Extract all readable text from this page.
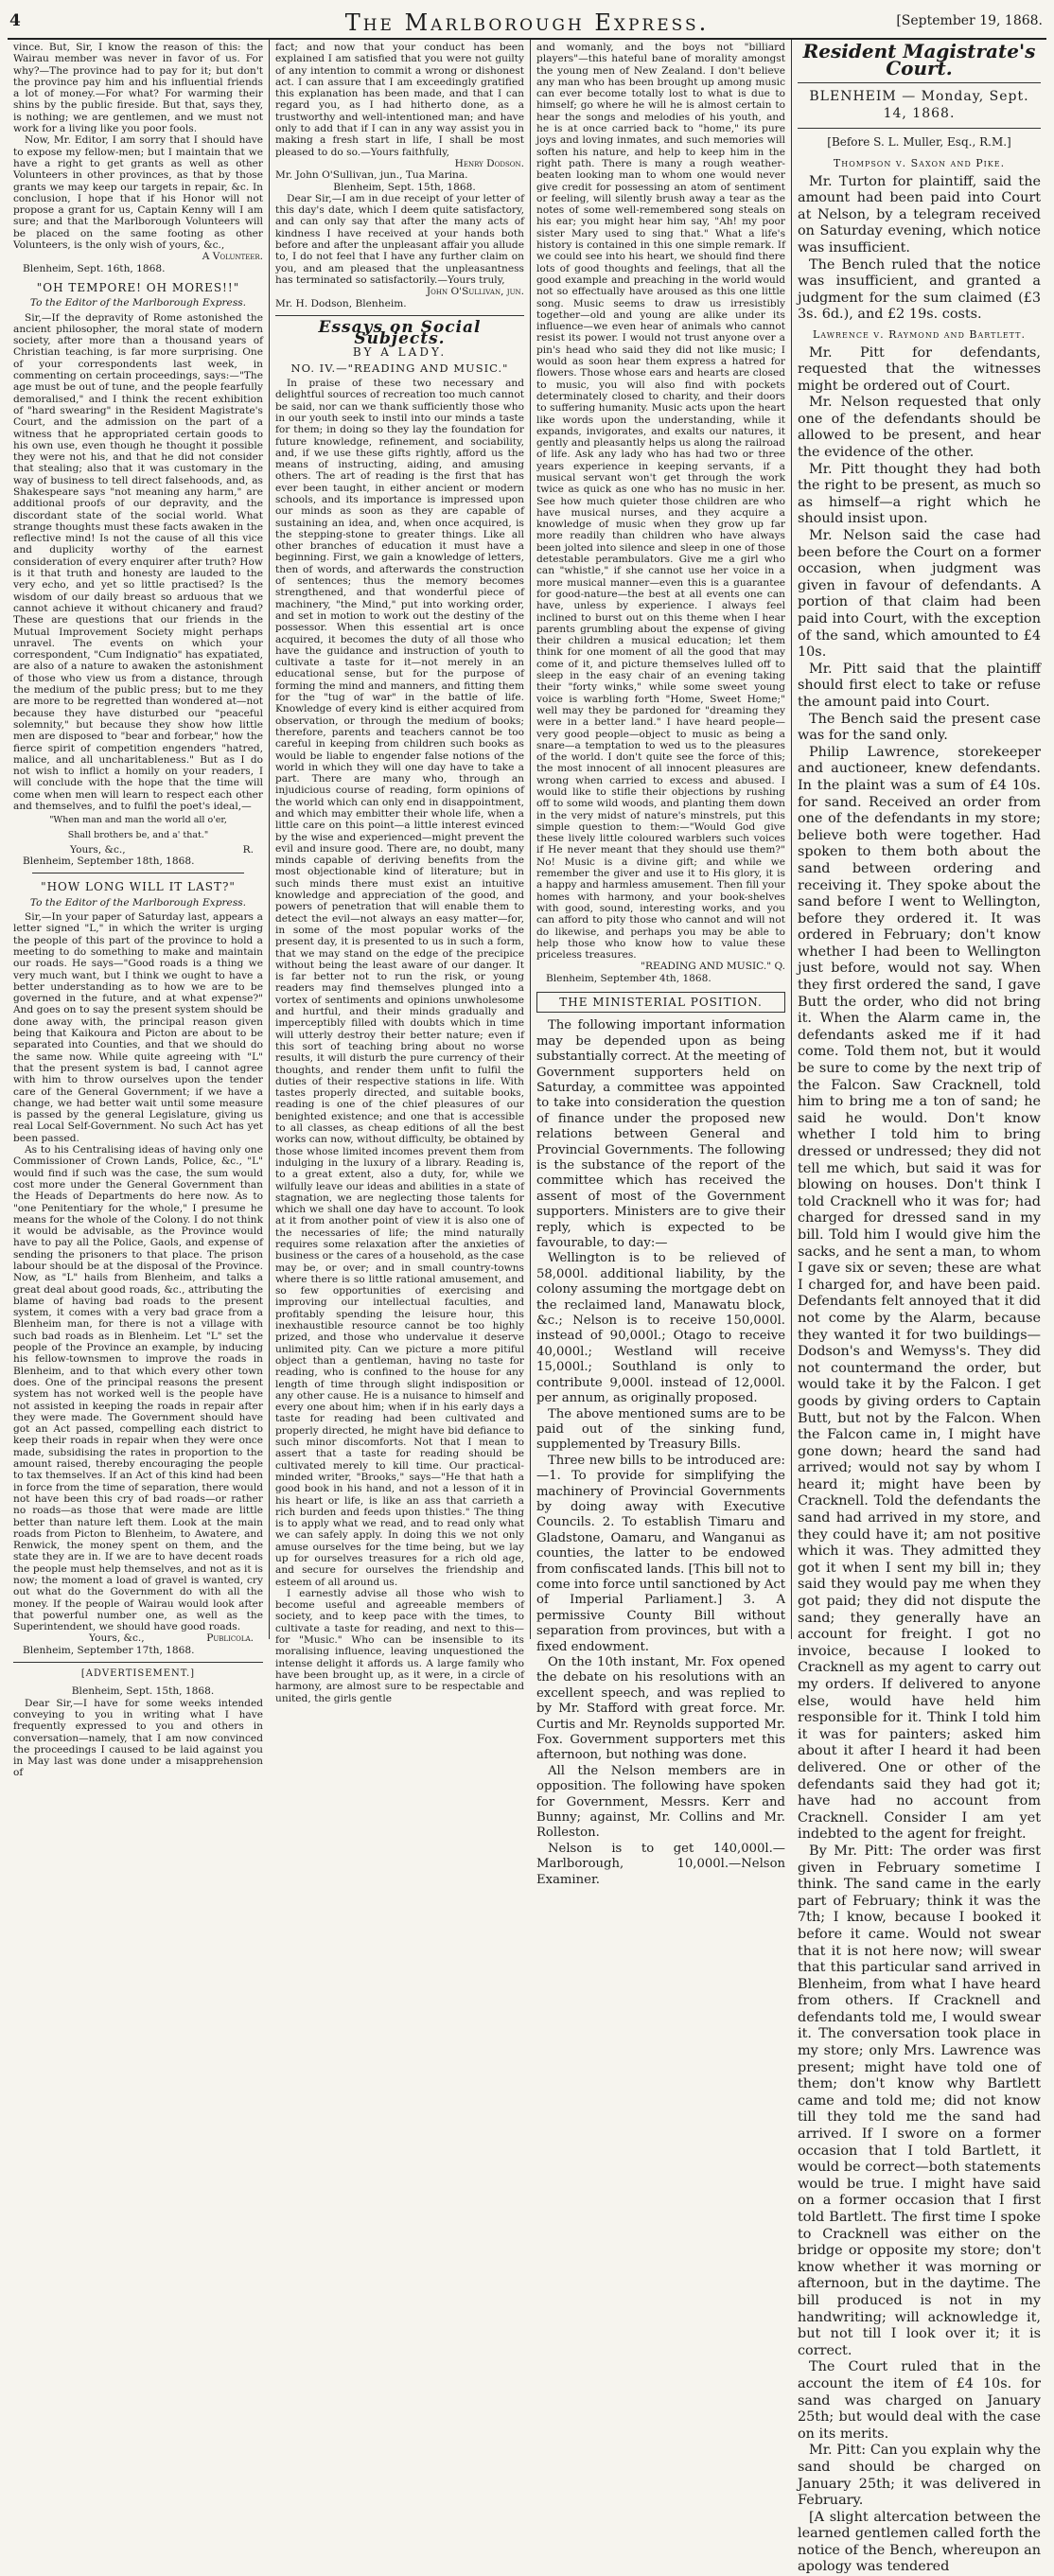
4	The Marlborough Express.	[September 19, 1868.

vince. But, Sir, I know the reason of this: the Wairau member was never in favor of us. For why?—The province had to pay for it; but don't the province pay him and his influential friends a lot of money.—For what? For warming their shins by the public fireside. But that, says they, is nothing; we are gentlemen, and we must not work for a living like you poor fools.

Now, Mr. Editor, I am sorry that I should have to expose my fellow-men; but I maintain that we have a right to get grants as well as other Volunteers in other provinces, as that by those grants we may keep our targets in repair, &c. In conclusion, I hope that if his Honor will not propose a grant for us, Captain Kenny will I am sure; and that the Marlborough Volunteers will be placed on the same footing as other Volunteers, is the only wish of yours, &c.,

A Volunteer.

Blenheim, Sept. 16th, 1868.

"OH TEMPORE! OH MORES!!"
To the Editor of the Marlborough Express.

Sir,—If the depravity of Rome astonished the ancient philosopher, the moral state of modern society, after more than a thousand years of Christian teaching, is far more surprising. One of your correspondents last week, in commenting on certain proceedings, says:—"The age must be out of tune, and the people fearfully demoralised," and I think the recent exhibition of "hard swearing" in the Resident Magistrate's Court, and the admission on the part of a witness that he appropriated certain goods to his own use, even though he thought it possible they were not his, and that he did not consider that stealing; also that it was customary in the way of business to tell direct falsehoods, and, as Shakespeare says "not meaning any harm," are additional proofs of our depravity, and the discordant state of the social world. What strange thoughts must these facts awaken in the reflective mind! Is not the cause of all this vice and duplicity worthy of the earnest consideration of every enquirer after truth? How is it that truth and honesty are lauded to the very echo, and yet so little practised? Is the wisdom of our daily breast so arduous that we cannot achieve it without chicanery and fraud? These are questions that our friends in the Mutual Improvement Society might perhaps unravel. The events on which your correspondent, "Cum Indignatio" has expatiated, are also of a nature to awaken the astonishment of those who view us from a distance, through the medium of the public press; but to me they are more to be regretted than wondered at—not because they have disturbed our "peaceful solemnity," but because they show how little men are disposed to "bear and forbear," how the fierce spirit of competition engenders "hatred, malice, and all uncharitableness." But as I do not wish to inflict a homily on your readers, I will conclude with the hope that the time will come when men will learn to respect each other and themselves, and to fulfil the poet's ideal,—

"When man and man the world all o'er,
Shall brothers be, and a' that."
Yours, &c.,	R.

Blenheim, September 18th, 1868.

"HOW LONG WILL IT LAST?"
To the Editor of the Marlborough Express.

Sir,—In your paper of Saturday last, appears a letter signed "L," in which the writer is urging the people of this part of the province to hold a meeting to do something to make and maintain our roads. He says—"Good roads is a thing we very much want, but I think we ought to have a better understanding as to how we are to be governed in the future, and at what expense?" And goes on to say the present system should be done away with, the principal reason given being that Kaikoura and Picton are about to be separated into Counties, and that we should do the same now. While quite agreeing with "L" that the present system is bad, I cannot agree with him to throw ourselves upon the tender care of the General Government; if we have a change, we had better wait until some measure is passed by the general Legislature, giving us real Local Self-Government. No such Act has yet been passed.

As to his Centralising ideas of having only one Commissioner of Crown Lands, Police, &c., "L" would find if such was the case, the sum would cost more under the General Government than the Heads of Departments do here now. As to "one Penitentiary for the whole," I presume he means for the whole of the Colony. I do not think it would be advisable, as the Province would have to pay all the Police, Gaols, and expense of sending the prisoners to that place. The prison labour should be at the disposal of the Province. Now, as "L" hails from Blenheim, and talks a great deal about good roads, &c., attributing the blame of having bad roads to the present system, it comes with a very bad grace from a Blenheim man, for there is not a village with such bad roads as in Blenheim. Let "L" set the people of the Province an example, by inducing his fellow-townsmen to improve the roads in Blenheim, and to that which every other town does. One of the principal reasons the present system has not worked well is the people have not assisted in keeping the roads in repair after they were made. The Government should have got an Act passed, compelling each district to keep their roads in repair when they were once made, subsidising the rates in proportion to the amount raised, thereby encouraging the people to tax themselves. If an Act of this kind had been in force from the time of separation, there would not have been this cry of bad roads—or rather no roads—as those that were made are little better than nature left them. Look at the main roads from Picton to Blenheim, to Awatere, and Renwick, the money spent on them, and the state they are in. If we are to have decent roads the people must help themselves, and not as it is now; the moment a load of gravel is wanted, cry out what do the Government do with all the money. If the people of Wairau would look after that powerful number one, as well as the Superintendent, we should have good roads.

Yours, &c.,	Publicola.

Blenheim, September 17th, 1868.

[ADVERTISEMENT.]

Blenheim, Sept. 15th, 1868.

Dear Sir,—I have for some weeks intended conveying to you in writing what I have frequently expressed to you and others in conversation—namely, that I am now convinced the proceedings I caused to be laid against you in May last was done under a misapprehension of

fact; and now that your conduct has been explained I am satisfied that you were not guilty of any intention to commit a wrong or dishonest act. I can assure that I am exceedingly gratified this explanation has been made, and that I can regard you, as I had hitherto done, as a trustworthy and well-intentioned man; and have only to add that if I can in any way assist you in making a fresh start in life, I shall be most pleased to do so.—Yours faithfully,

Henry Dodson.

Mr. John O'Sullivan, jun., Tua Marina.

Blenheim, Sept. 15th, 1868.

Dear Sir,—I am in due receipt of your letter of this day's date, which I deem quite satisfactory, and can only say that after the many acts of kindness I have received at your hands both before and after the unpleasant affair you allude to, I do not feel that I have any further claim on you, and am pleased that the unpleasantness has terminated so satisfactorily.—Yours truly,

John O'Sullivan, jun.

Mr. H. Dodson, Blenheim.

Essays on Social Subjects.
BY A LADY.
NO. IV.—"READING AND MUSIC."

In praise of these two necessary and delightful sources of recreation too much cannot be said, nor can we thank sufficiently those who in our youth seek to instil into our minds a taste for them; in doing so they lay the foundation for future knowledge, refinement, and sociability, and, if we use these gifts rightly, afford us the means of instructing, aiding, and amusing others. The art of reading is the first that has ever been taught, in either ancient or modern schools, and its importance is impressed upon our minds as soon as they are capable of sustaining an idea, and, when once acquired, is the stepping-stone to greater things. Like all other branches of education it must have a beginning. First, we gain a knowledge of letters, then of words, and afterwards the construction of sentences; thus the memory becomes strengthened, and that wonderful piece of machinery, "the Mind," put into working order, and set in motion to work out the destiny of the possessor. When this essential art is once acquired, it becomes the duty of all those who have the guidance and instruction of youth to cultivate a taste for it—not merely in an educational sense, but for the purpose of forming the mind and manners, and fitting them for the "tug of war" in the battle of life. Knowledge of every kind is either acquired from observation, or through the medium of books; therefore, parents and teachers cannot be too careful in keeping from children such books as would be liable to engender false notions of the world in which they will one day have to take a part. There are many who, through an injudicious course of reading, form opinions of the world which can only end in disappointment, and which may embitter their whole life, when a little care on this point—a little interest evinced by the wise and experienced—might prevent the evil and insure good. There are, no doubt, many minds capable of deriving benefits from the most objectionable kind of literature; but in such minds there must exist an intuitive knowledge and appreciation of the good, and powers of penetration that will enable them to detect the evil—not always an easy matter—for, in some of the most popular works of the present day, it is presented to us in such a form, that we may stand on the edge of the precipice without being the least aware of our danger. It is far better not to run the risk, or young readers may find themselves plunged into a vortex of sentiments and opinions unwholesome and hurtful, and their minds gradually and imperceptibly filled with doubts which in time will utterly destroy their better nature; even if this sort of teaching bring about no worse results, it will disturb the pure currency of their thoughts, and render them unfit to fulfil the duties of their respective stations in life. With tastes properly directed, and suitable books, reading is one of the chief pleasures of our benighted existence; and one that is accessible to all classes, as cheap editions of all the best works can now, without difficulty, be obtained by those whose limited incomes prevent them from indulging in the luxury of a library. Reading is, to a great extent, also a duty, for, while we wilfully leave our ideas and abilities in a state of stagnation, we are neglecting those talents for which we shall one day have to account. To look at it from another point of view it is also one of the necessaries of life; the mind naturally requires some relaxation after the anxieties of business or the cares of a household, as the case may be, or over; and in small country-towns where there is so little rational amusement, and so few opportunities of exercising and improving our intellectual faculties, and profitably spending the leisure hour, this inexhaustible resource cannot be too highly prized, and those who undervalue it deserve unlimited pity. Can we picture a more pitiful object than a gentleman, having no taste for reading, who is confined to the house for any length of time through slight indisposition or any other cause. He is a nuisance to himself and every one about him; when if in his early days a taste for reading had been cultivated and properly directed, he might have bid defiance to such minor discomforts. Not that I mean to assert that a taste for reading should be cultivated merely to kill time. Our practical-minded writer, "Brooks," says—"He that hath a good book in his hand, and not a lesson of it in his heart or life, is like an ass that carrieth a rich burden and feeds upon thistles." The thing is to apply what we read, and to read only what we can safely apply. In doing this we not only amuse ourselves for the time being, but we lay up for ourselves treasures for a rich old age, and secure for ourselves the friendship and esteem of all around us.

I earnestly advise all those who wish to become useful and agreeable members of society, and to keep pace with the times, to cultivate a taste for reading, and next to this—for "Music." Who can be insensible to its moralising influence, leaving unquestioned the intense delight it affords us. A large family who have been brought up, as it were, in a circle of harmony, are almost sure to be respectable and united, the girls gentle

and womanly, and the boys not "billiard players"—this hateful bane of morality amongst the young men of New Zealand. I don't believe any man who has been brought up among music can ever become totally lost to what is due to himself; go where he will he is almost certain to hear the songs and melodies of his youth, and he is at once carried back to "home," its pure joys and loving inmates, and such memories will soften his nature, and help to keep him in the right path. There is many a rough weather-beaten looking man to whom one would never give credit for possessing an atom of sentiment or feeling, will silently brush away a tear as the notes of some well-remembered song steals on his ear; you might hear him say, "Ah! my poor sister Mary used to sing that." What a life's history is contained in this one simple remark. If we could see into his heart, we should find there lots of good thoughts and feelings, that all the good example and preaching in the world would not so effectually have aroused as this one little song. Music seems to draw us irresistibly together—old and young are alike under its influence—we even hear of animals who cannot resist its power. I would not trust anyone over a pin's head who said they did not like music; I would as soon hear them express a hatred for flowers. Those whose ears and hearts are closed to music, you will also find with pockets determinately closed to charity, and their doors to suffering humanity. Music acts upon the heart like words upon the understanding, while it expands, invigorates, and exalts our natures, it gently and pleasantly helps us along the railroad of life. Ask any lady who has had two or three years experience in keeping servants, if a musical servant won't get through the work twice as quick as one who has no music in her. See how much quieter those children are who have musical nurses, and they acquire a knowledge of music when they grow up far more readily than children who have always been jolted into silence and sleep in one of those detestable perambulators. Give me a girl who can "whistle," if she cannot use her voice in a more musical manner—even this is a guarantee for good-nature—the best at all events one can have, unless by experience. I always feel inclined to burst out on this theme when I hear parents grumbling about the expense of giving their children a musical education; let them think for one moment of all the good that may come of it, and picture themselves lulled off to sleep in the easy chair of an evening taking their "forty winks," while some sweet young voice is warbling forth "Home, Sweet Home;" well may they be pardoned for "dreaming they were in a better land." I have heard people—very good people—object to music as being a snare—a temptation to wed us to the pleasures of the world. I don't quite see the force of this; the most innocent of all innocent pleasures are wrong when carried to excess and abused. I would like to stifle their objections by rushing off to some wild woods, and planting them down in the very midst of nature's minstrels, put this simple question to them:—"Would God give these lively little coloured warblers such voices if He never meant that they should use them?" No! Music is a divine gift; and while we remember the giver and use it to His glory, it is a happy and harmless amusement. Then fill your homes with harmony, and your book-shelves with good, sound, interesting works, and you can afford to pity those who cannot and will not do likewise, and perhaps you may be able to help those who know how to value these priceless treasures.

"READING AND MUSIC." Q.

Blenheim, September 4th, 1868.

THE MINISTERIAL POSITION.

The following important information may be depended upon as being substantially correct. At the meeting of Government supporters held on Saturday, a committee was appointed to take into consideration the question of finance under the proposed new relations between General and Provincial Governments. The following is the substance of the report of the committee which has received the assent of most of the Government supporters. Ministers are to give their reply, which is expected to be favourable, to day:—

Wellington is to be relieved of 58,000l. additional liability, by the colony assuming the mortgage debt on the reclaimed land, Manawatu block, &c.; Nelson is to receive 150,000l. instead of 90,000l.; Otago to receive 40,000l.; Westland will receive 15,000l.; Southland is only to contribute 9,000l. instead of 12,000l. per annum, as originally proposed.

The above mentioned sums are to be paid out of the sinking fund, supplemented by Treasury Bills.

Three new bills to be introduced are:—1. To provide for simplifying the machinery of Provincial Governments by doing away with Executive Councils. 2. To establish Timaru and Gladstone, Oamaru, and Wanganui as counties, the latter to be endowed from confiscated lands. [This bill not to come into force until sanctioned by Act of Imperial Parliament.] 3. A permissive County Bill without separation from provinces, but with a fixed endowment.

On the 10th instant, Mr. Fox opened the debate on his resolutions with an excellent speech, and was replied to by Mr. Stafford with great force. Mr. Curtis and Mr. Reynolds supported Mr. Fox. Government supporters met this afternoon, but nothing was done.

All the Nelson members are in opposition. The following have spoken for Government, Messrs. Kerr and Bunny; against, Mr. Collins and Mr. Rolleston.

Nelson is to get 140,000l.—Marlborough, 10,000l.—Nelson Examiner.

Resident Magistrate's Court.
BLENHEIM — Monday, Sept. 14, 1868.
[Before S. L. Muller, Esq., R.M.]
Thompson v. Saxon and Pike.

Mr. Turton for plaintiff, said the amount had been paid into Court at Nelson, by a telegram received on Saturday evening, which notice was insufficient.

The Bench ruled that the notice was insufficient, and granted a judgment for the sum claimed (£3 3s. 6d.), and £2 19s. costs.

Lawrence v. Raymond and Bartlett.

Mr. Pitt for defendants, requested that the witnesses might be ordered out of Court.

Mr. Nelson requested that only one of the defendants should be allowed to be present, and hear the evidence of the other.

Mr. Pitt thought they had both the right to be present, as much so as himself—a right which he should insist upon.

Mr. Nelson said the case had been before the Court on a former occasion, when judgment was given in favour of defendants. A portion of that claim had been paid into Court, with the exception of the sand, which amounted to £4 10s.

Mr. Pitt said that the plaintiff should first elect to take or refuse the amount paid into Court.

The Bench said the present case was for the sand only.

Philip Lawrence, storekeeper and auctioneer, knew defendants. In the plaint was a sum of £4 10s. for sand. Received an order from one of the defendants in my store; believe both were together. Had spoken to them both about the sand between ordering and receiving it. They spoke about the sand before I went to Wellington, before they ordered it. It was ordered in February; don't know whether I had been to Wellington just before, would not say. When they first ordered the sand, I gave Butt the order, who did not bring it. When the Alarm came in, the defendants asked me if it had come. Told them not, but it would be sure to come by the next trip of the Falcon. Saw Cracknell, told him to bring me a ton of sand; he said he would. Don't know whether I told him to bring dressed or undressed; they did not tell me which, but said it was for blowing on houses. Don't think I told Cracknell who it was for; had charged for dressed sand in my bill. Told him I would give him the sacks, and he sent a man, to whom I gave six or seven; these are what I charged for, and have been paid. Defendants felt annoyed that it did not come by the Alarm, because they wanted it for two buildings—Dodson's and Wemyss's. They did not countermand the order, but would take it by the Falcon. I get goods by giving orders to Captain Butt, but not by the Falcon. When the Falcon came in, I might have gone down; heard the sand had arrived; would not say by whom I heard it; might have been by Cracknell. Told the defendants the sand had arrived in my store, and they could have it; am not positive which it was. They admitted they got it when I sent my bill in; they said they would pay me when they got paid; they did not dispute the sand; they generally have an account for freight. I got no invoice, because I looked to Cracknell as my agent to carry out my orders. If delivered to anyone else, would have held him responsible for it. Think I told him it was for painters; asked him about it after I heard it had been delivered. One or other of the defendants said they had got it; have had no account from Cracknell. Consider I am yet indebted to the agent for freight.

By Mr. Pitt: The order was first given in February sometime I think. The sand came in the early part of February; think it was the 7th; I know, because I booked it before it came. Would not swear that it is not here now; will swear that this particular sand arrived in Blenheim, from what I have heard from others. If Cracknell and defendants told me, I would swear it. The conversation took place in my store; only Mrs. Lawrence was present; might have told one of them; don't know why Bartlett came and told me; did not know till they told me the sand had arrived. If I swore on a former occasion that I told Bartlett, it would be correct—both statements would be true. I might have said on a former occasion that I first told Bartlett. The first time I spoke to Cracknell was either on the bridge or opposite my store; don't know whether it was morning or afternoon, but in the daytime. The bill produced is not in my handwriting; will acknowledge it, but not till I look over it; it is correct.

The Court ruled that in the account the item of £4 10s. for sand was charged on January 25th; but would deal with the case on its merits.

Mr. Pitt: Can you explain why the sand should be charged on January 25th; it was delivered in February.

[A slight altercation between the learned gentlemen called forth the notice of the Bench, whereupon an apology was tendered
